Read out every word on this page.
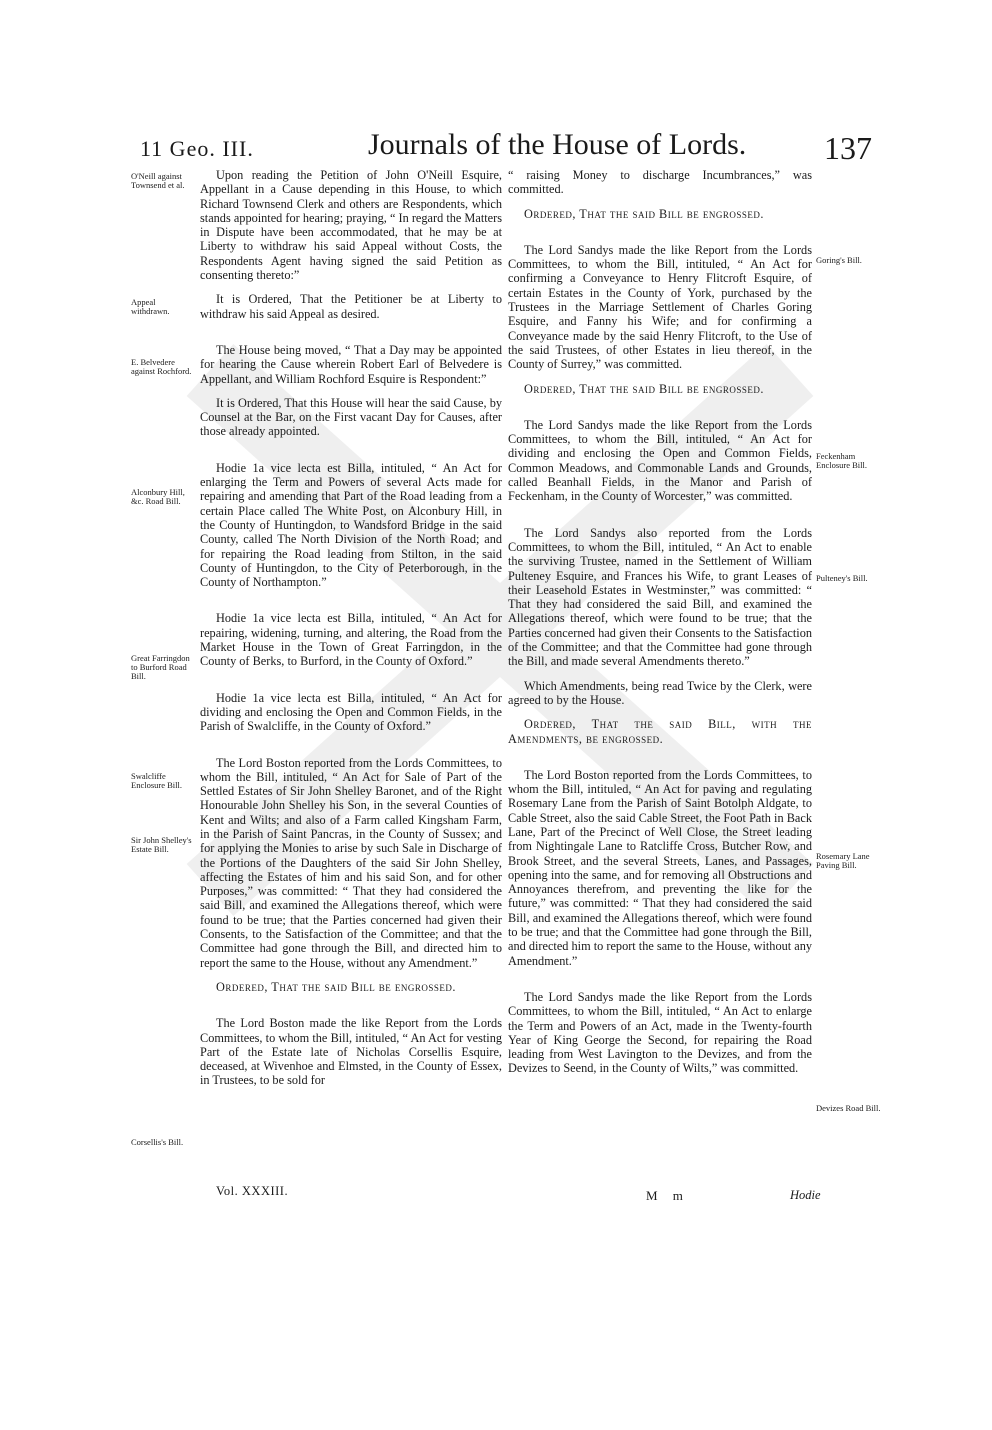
11 Geo. III.	Journals of the House of Lords. 137
O'Neill against Townsend et al.
Appeal withdrawn.
E. Belvedere against Rochford.
Alconbury Hill, &c. Road Bill.
Great Farringdon to Burford Road Bill.
Swalcliffe Enclosure Bill.
Sir John Shelley's Estate Bill.
Corsellis's Bill.
Goring's Bill.
Feckenham Enclosure Bill.
Pulteney's Bill.
Rosemary Lane Paving Bill.
Devizes Road Bill.

Upon reading the Petition of John O'Neill Esquire, Appellant in a Cause depending in this House, to which Richard Townsend Clerk and others are Respondents, which stands appointed for hearing; praying, “ In regard the Matters in Dispute have been accommodated, that he may be at Liberty to withdraw his said Appeal without Costs, the Respondents Agent having signed the said Petition as consenting thereto:”

It is Ordered, That the Petitioner be at Liberty to withdraw his said Appeal as desired.

The House being moved, “ That a Day may be appointed for hearing the Cause wherein Robert Earl of Belvedere is Appellant, and William Rochford Esquire is Respondent:”

It is Ordered, That this House will hear the said Cause, by Counsel at the Bar, on the First vacant Day for Causes, after those already appointed.

Hodie 1a vice lecta est Billa, intituled, “ An Act for enlarging the Term and Powers of several Acts made for repairing and amending that Part of the Road leading from a certain Place called The White Post, on Alconbury Hill, in the County of Huntingdon, to Wandsford Bridge in the said County, called The North Division of the North Road; and for repairing the Road leading from Stilton, in the said County of Huntingdon, to the City of Peterborough, in the County of Northampton.”

Hodie 1a vice lecta est Billa, intituled, “ An Act for repairing, widening, turning, and altering, the Road from the Market House in the Town of Great Farringdon, in the County of Berks, to Burford, in the County of Oxford.”

Hodie 1a vice lecta est Billa, intituled, “ An Act for dividing and enclosing the Open and Common Fields, in the Parish of Swalcliffe, in the County of Oxford.”

The Lord Boston reported from the Lords Committees, to whom the Bill, intituled, “ An Act for Sale of Part of the Settled Estates of Sir John Shelley Baronet, and of the Right Honourable John Shelley his Son, in the several Counties of Kent and Wilts; and also of a Farm called Kingsham Farm, in the Parish of Saint Pancras, in the County of Sussex; and for applying the Monies to arise by such Sale in Discharge of the Portions of the Daughters of the said Sir John Shelley, affecting the Estates of him and his said Son, and for other Purposes,” was committed: “ That they had considered the said Bill, and examined the Allegations thereof, which were found to be true; that the Parties concerned had given their Consents, to the Satisfaction of the Committee; and that the Committee had gone through the Bill, and directed him to report the same to the House, without any Amendment.”

Ordered, That the said Bill be engrossed.

The Lord Boston made the like Report from the Lords Committees, to whom the Bill, intituled, “ An Act for vesting Part of the Estate late of Nicholas Corsellis Esquire, deceased, at Wivenhoe and Elmsted, in the County of Essex, in Trustees, to be sold for

“ raising Money to discharge Incumbrances,” was committed.

Ordered, That the said Bill be engrossed.

The Lord Sandys made the like Report from the Lords Committees, to whom the Bill, intituled, “ An Act for confirming a Conveyance to Henry Flitcroft Esquire, of certain Estates in the County of York, purchased by the Trustees in the Marriage Settlement of Charles Goring Esquire, and Fanny his Wife; and for confirming a Conveyance made by the said Henry Flitcroft, to the Use of the said Trustees, of other Estates in lieu thereof, in the County of Surrey,” was committed.

Ordered, That the said Bill be engrossed.

The Lord Sandys made the like Report from the Lords Committees, to whom the Bill, intituled, “ An Act for dividing and enclosing the Open and Common Fields, Common Meadows, and Commonable Lands and Grounds, called Beanhall Fields, in the Manor and Parish of Feckenham, in the County of Worcester,” was committed.

The Lord Sandys also reported from the Lords Committees, to whom the Bill, intituled, “ An Act to enable the surviving Trustee, named in the Settlement of William Pulteney Esquire, and Frances his Wife, to grant Leases of their Leasehold Estates in Westminster,” was committed: “ That they had considered the said Bill, and examined the Allegations thereof, which were found to be true; that the Parties concerned had given their Consents to the Satisfaction of the Committee; and that the Committee had gone through the Bill, and made several Amendments thereto.”

Which Amendments, being read Twice by the Clerk, were agreed to by the House.

Ordered, That the said Bill, with the Amendments, be engrossed.

The Lord Boston reported from the Lords Committees, to whom the Bill, intituled, “ An Act for paving and regulating Rosemary Lane from the Parish of Saint Botolph Aldgate, to Cable Street, also the said Cable Street, the Foot Path in Back Lane, Part of the Precinct of Well Close, the Street leading from Nightingale Lane to Ratcliffe Cross, Butcher Row, and Brook Street, and the several Streets, Lanes, and Passages, opening into the same, and for removing all Obstructions and Annoyances therefrom, and preventing the like for the future,” was committed: “ That they had considered the said Bill, and examined the Allegations thereof, which were found to be true; and that the Committee had gone through the Bill, and directed him to report the same to the House, without any Amendment.”

The Lord Sandys made the like Report from the Lords Committees, to whom the Bill, intituled, “ An Act to enlarge the Term and Powers of an Act, made in the Twenty-fourth Year of King George the Second, for repairing the Road leading from West Lavington to the Devizes, and from the Devizes to Seend, in the County of Wilts,” was committed.

Vol. XXXIII.	M m	Hodie
